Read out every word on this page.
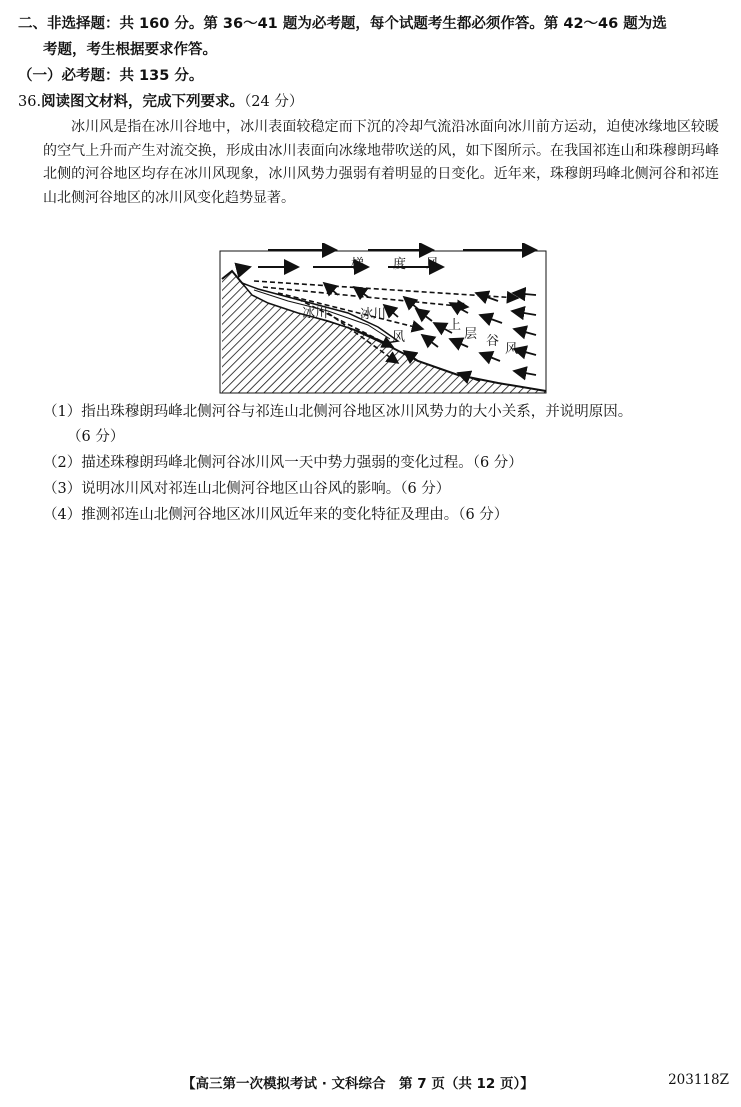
二、非选择题：共 160 分。第 36～41 题为必考题，每个试题考生都必须作答。第 42～46 题为选
考题，考生根据要求作答。
（一）必考题：共 135 分。
36.阅读图文材料，完成下列要求。（24 分）
冰川风是指在冰川谷地中，冰川表面较稳定而下沉的冷却气流沿冰面向冰川前方运动，迫使冰缘地区较暖的空气上升而产生对流交换，形成由冰川表面向冰缘地带吹送的风，如下图所示。在我国祁连山和珠穆朗玛峰北侧的河谷地区均存在冰川风现象，冰川风势力强弱有着明显的日变化。近年来，珠穆朗玛峰北侧河谷和祁连山北侧河谷地区的冰川风变化趋势显著。
梯 度 风
冰川 冰川
风
上
层 谷
风
（1）指出珠穆朗玛峰北侧河谷与祁连山北侧河谷地区冰川风势力的大小关系，并说明原因。
（6 分）
（2）描述珠穆朗玛峰北侧河谷冰川风一天中势力强弱的变化过程。（6 分）
（3）说明冰川风对祁连山北侧河谷地区山谷风的影响。（6 分）
（4）推测祁连山北侧河谷地区冰川风近年来的变化特征及理由。（6 分）
【高三第一次模拟考试 · 文科综合　第 7 页（共 12 页）】	203118Z
